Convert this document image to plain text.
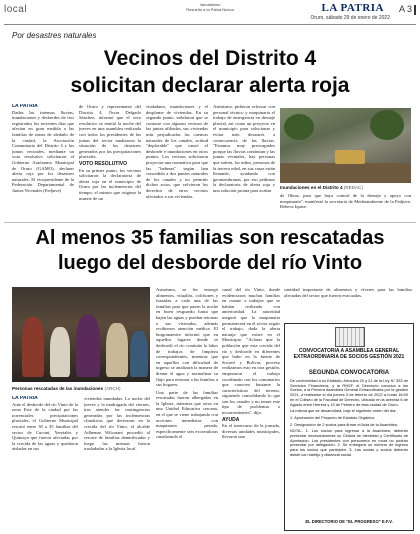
local	Vandalismo
Resuelto a la Patria Nueva	LA PATRIA
Oruro, sábado 29 de enero de 2022
A 3
Por desastres naturales
Vecinos del Distrito 4
solicitan declarar alerta roja
LA PATRIA
Dadas las intensas lluvias, inundaciones y desbordes de ríos registrados los recientes días que afectan en gran medida a las familias de zonas de aledaño de la ciudad, la Asociación Comunitaria del Distrito 4 y las juntas vecinales, mediante un voto resolutivo solicitaron al Gobierno Autónomo Municipal de Oruro (GAMO), declarar alerta roja por los desastres naturales. El vicepresidente de la Federación Departamental de Juntas Vecinales (Fedjuve)
de Oruro y representante del Distrito 4, Óscar Delgado Sánchez, informó que el voto resolutivo se emitió la noche del jueves en una asamblea realizada con todos los presidentes de las juntas del sector analizaron la situación de los desastres generados por las precipitaciones pluviales.
VOTO RESOLUTIVO
En su primer punto, los vecinos solicitaron la declaratoria de alerta roja en el municipio de Oruro por las inclemencias del tiempo, el mismo que originar la muerte de un
ciudadano, inundaciones y el desplome de viviendas. En su segundo punto, señalaron que se contacte con algunos vecinos de las juntas afiliadas, sus viviendas más perjudicadas las cuencas naturales de los canales, actitud "deplorable" que causó el desborde e inundaciones en otros puntos. Los vecinos solicitaron proyectar una normativa para que las "bañeras" según han concedido a dos puntos naturales de los canales y no permitir dichos actos, que volvieron los derechos de otros vecinos afectados a sus viviendas.
Asimismo, pidieron reforzar con personal técnico y maquinaria el trabajo de emergencia en drenaje pluvial, así como un proyecto en el municipio para solucionar y evitar más desastres a consecuencia de las lluvias. "Estamos muy preocupados porque las lluvias continúan y las juntas vecinales, hay personas que sufren, los niños, personas de la tercera edad, en sus casas están llenando, ayudando con geomembranas, por eso pedimos la declaratoria de alerta roja y una solución pronta para acabar
Inundaciones en el Distrito 4 (REDAC)
de Obras, para que haya control de la drenaje y apoyo con maquinaria", manifestó la secretaria de Medioambiente de la Fedjuve, Rebeca Iquise.
Al menos 35 familias son rescatadas
luego del desborde del río Vinto
Personas rescatadas de las inundaciones (ARCH)
LA PATRIA
Ante el desborde del río Vinto de la zona Este de la ciudad por las torrenciales precipitaciones pluviales, el Gobierno Municipal rescató entre 30 a 35 familias del sector de Cucuni, Yeretales y Quimaya que fueron afectadas por la crecida de las aguas y quedaron aisladas en sus
viviendas inundadas. La noche del jueves y la madrugada del viernes, tras atender las contingencias generadas por las inclemencias climáticas que derivaron en la crecida del río Vinto, el alcalde Adhemar Wilcarani procedió al rescate de familias damnificadas y luego las mismas fueron trasladadas a la Iglesia local.
Asimismo, se les entregó alimentos, vituallas, colchones y frazadas a cada una de las familias para que pasen la noche en buen resguardo hasta que bajen las aguas y puedan retornar a sus viviendas, además recibieron atención médica. El burgomaestre informó que en aquellos lugares donde se desbordó el río continúa la labor de trabajos de limpieza correspondientes, mientras que en aquellos con dificultad de ingreso se analizará la manera de drenar el agua y normalizar su flujo para retornar a las familias a sus hogares.
Una parte de las familias rescatadas fueron albergadas en la Iglesia, mientras que otras en una Unidad Educativa cercana, en el que se viene trabajando con acciones inmediatas con maquinaria pesada, específicamente seis excavadoras canalizando el
canal del río Vinto, donde evidenciaron muchas familias en cuanto a trabajos que se habían realizado con anterioridad. La autoridad aseguró que la maquinaria permanecerá en el sector seguir el trabajo, dada la alerta naranja que existe en el Municipio. "Aclarar que la población que esta crecida del río y desborde en diferentes que hubo en la fuente de Socavé y Bolívar, proceso realizamos esto en otra gestión, empezaron el trabajo coordinado con los comunarios que conocen bastante la características del terreno, siguiendo consolidando lo que son los canales y no temer este tipo de problemas o inconvenientes", dijo.
AYUDA
En el transcurso de la jornada, diversas unidades municipales, llevaron una
cantidad importante de alimentos y víveres para las familias afectadas del sector que fueron evacuadas.
CONVOCATORIA A ASAMBLEA GENERAL EXTRAORDINARIA DE SOCIOS GESTIÓN 2021
SEGUNDA CONVOCATORIA

De conformidad a su Estatuto, Artículos 20 y 21 de la Ley N° 353 de Servicios Financieros, y la RNSF, el Directorio convoca a los Socios, a la Primera Asamblea General Extraordinaria por la gestión 2021, a realizarse el día jueves 3 de febrero de 2022 a horas 16:00 en el Coliseo de la Facultad de Derecho, ubicado en la avenida 6 de Agosto entre Herrera y 10 de Febrero de esta ciudad de Oruro.

La misma que se desarrollará, bajo el siguiente orden del día:

1. Aprobación del Proyecto de Estatuto Orgánico.

2. Designación de 2 socios para firmar el Acta de la Asamblea.

NOTA.- 1. Los socios para ingresar a la Asamblea, deberán presentar necesariamente su Cédula de Identidad y Certificado de Aportación. Los presidentes con personería en mora no podrán presentar por delegación. 2. Se entregará un número de ingreso para los socios que participen. 3. Las socias y socios deberán asistir con barbijo y distancia social.

EL DIRECTORIO DE "EL PROGRESO" E.F.V.
